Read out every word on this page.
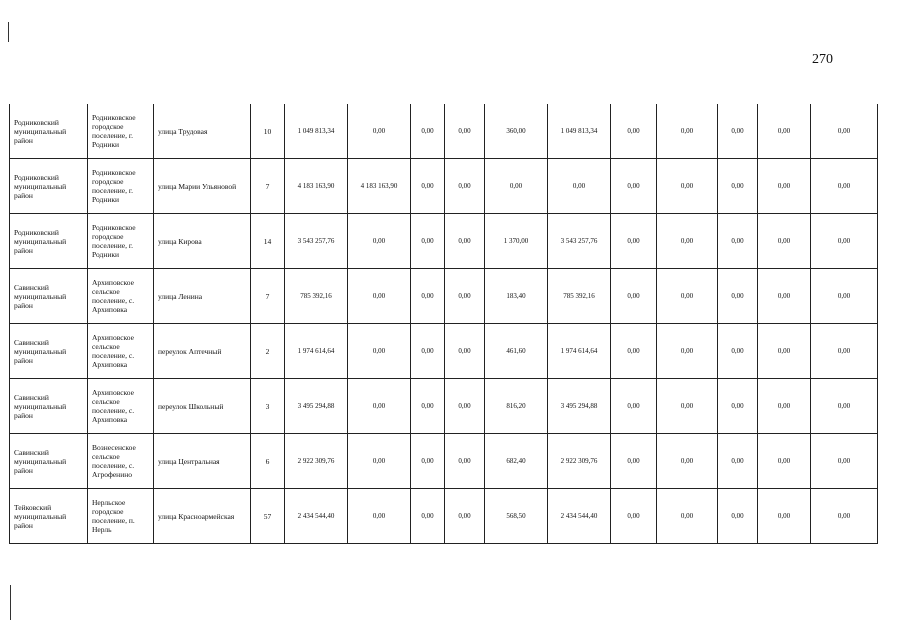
270
Родниковский муниципальный район	Родниковское городское поселение, г. Родники	улица Трудовая	10	1 049 813,34	0,00	0,00	0,00	360,00	1 049 813,34	0,00	0,00	0,00	0,00	0,00
Родниковский муниципальный район	Родниковское городское поселение, г. Родники	улица Марии Ульяновой	7	4 183 163,90	4 183 163,90	0,00	0,00	0,00	0,00	0,00	0,00	0,00	0,00	0,00
Родниковский муниципальный район	Родниковское городское поселение, г. Родники	улица Кирова	14	3 543 257,76	0,00	0,00	0,00	1 370,00	3 543 257,76	0,00	0,00	0,00	0,00	0,00
Савинский муниципальный район	Архиповское сельское поселение, с. Архиповка	улица Ленина	7	785 392,16	0,00	0,00	0,00	183,40	785 392,16	0,00	0,00	0,00	0,00	0,00
Савинский муниципальный район	Архиповское сельское поселение, с. Архиповка	переулок Аптечный	2	1 974 614,64	0,00	0,00	0,00	461,60	1 974 614,64	0,00	0,00	0,00	0,00	0,00
Савинский муниципальный район	Архиповское сельское поселение, с. Архиповка	переулок Школьный	3	3 495 294,88	0,00	0,00	0,00	816,20	3 495 294,88	0,00	0,00	0,00	0,00	0,00
Савинский муниципальный район	Вознесенское сельское поселение, с. Агрофенино	улица Центральная	6	2 922 309,76	0,00	0,00	0,00	682,40	2 922 309,76	0,00	0,00	0,00	0,00	0,00
Тейковский муниципальный район	Нерльское городское поселение, п. Нерль	улица Красноармейская	57	2 434 544,40	0,00	0,00	0,00	568,50	2 434 544,40	0,00	0,00	0,00	0,00	0,00
